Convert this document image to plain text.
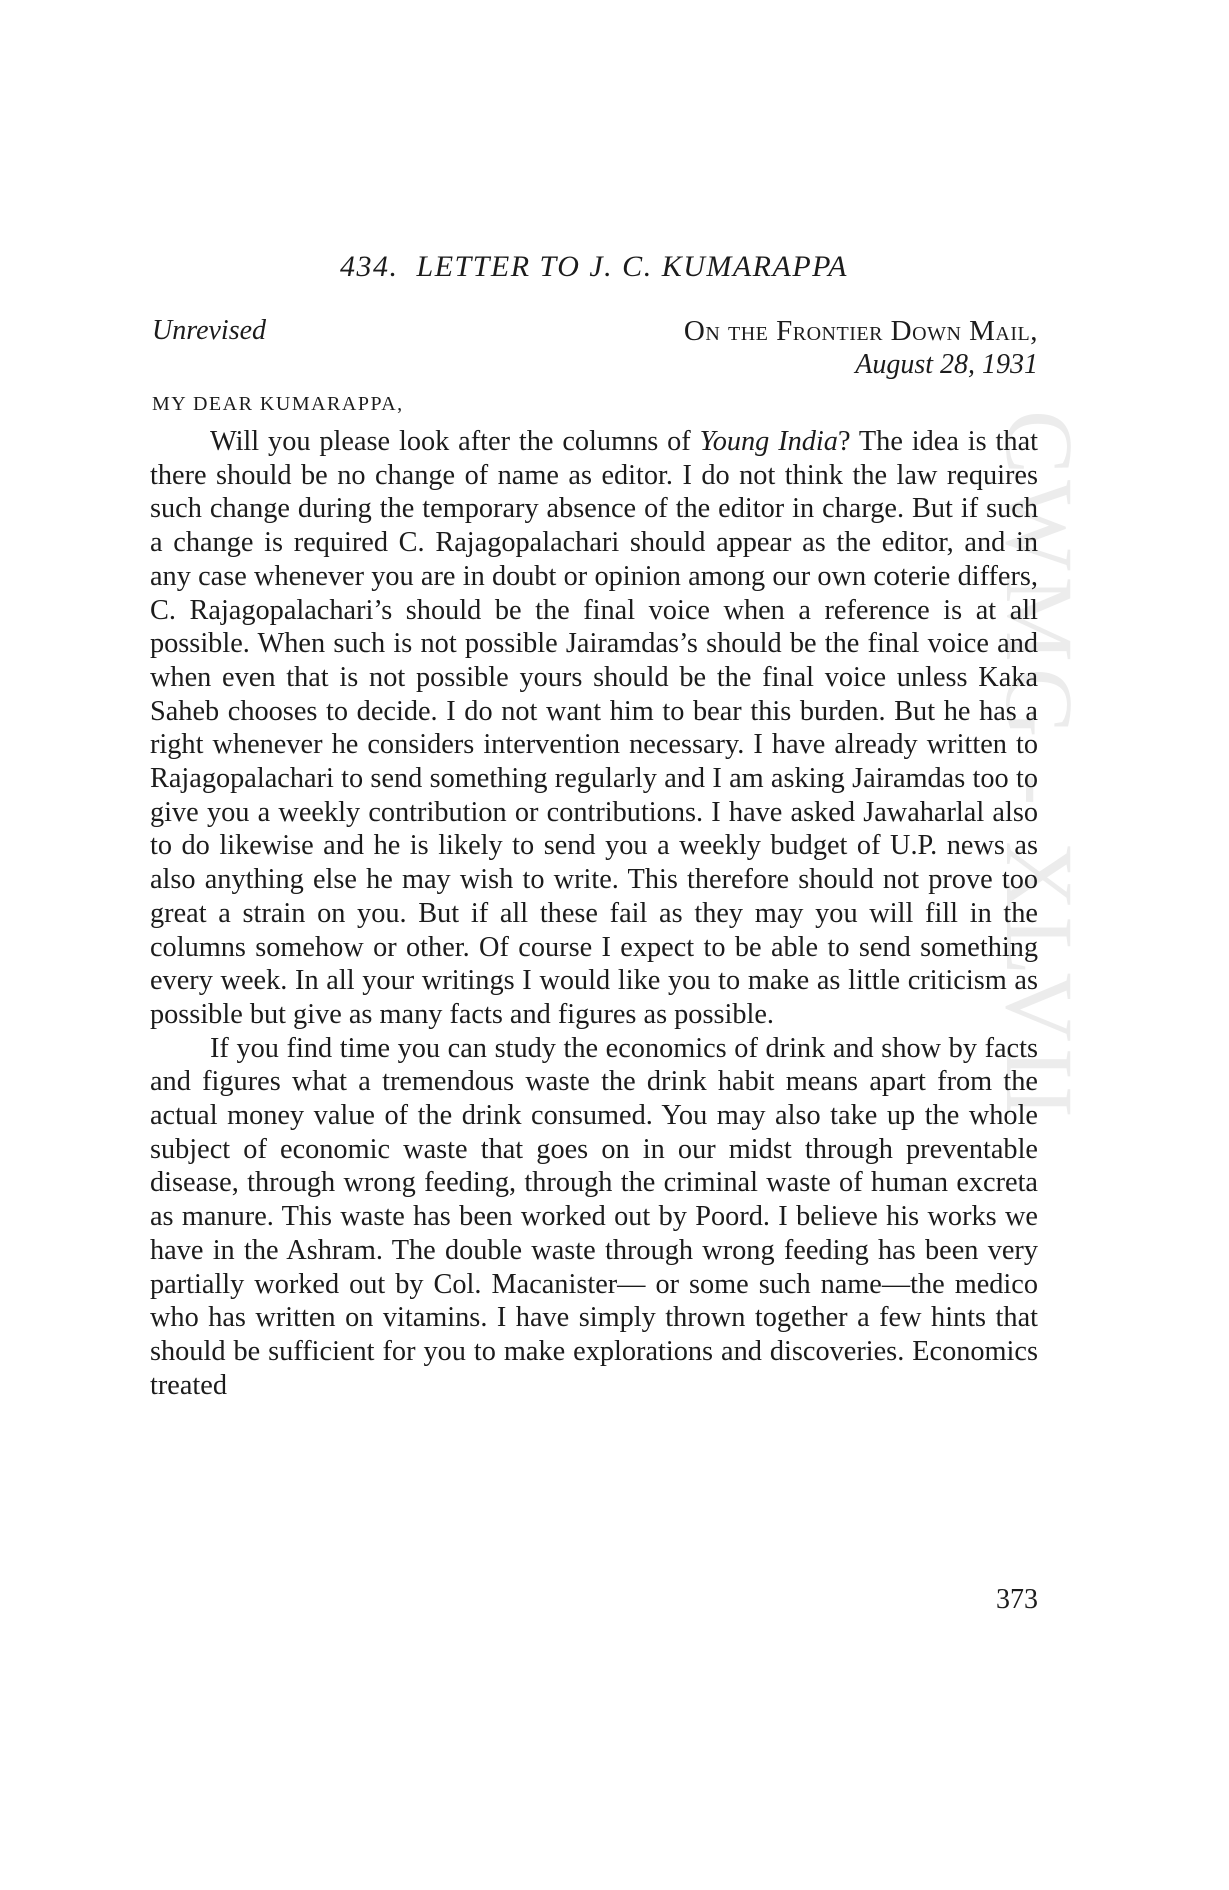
CWMG - XLVII
434. LETTER TO J. C. KUMARAPPA
Unrevised	On the Frontier Down Mail,
August 28, 1931
MY DEAR KUMARAPPA,

Will you please look after the columns of Young India? The idea is that there should be no change of name as editor. I do not think the law requires such change during the temporary absence of the editor in charge. But if such a change is required C. Rajagopalachari should appear as the editor, and in any case whenever you are in doubt or opinion among our own coterie differs, C. Rajagopalachari’s should be the final voice when a reference is at all possible. When such is not possible Jairamdas’s should be the final voice and when even that is not possible yours should be the final voice unless Kaka Saheb chooses to decide. I do not want him to bear this burden. But he has a right whenever he considers intervention necessary. I have already written to Rajagopalachari to send something regularly and I am asking Jairamdas too to give you a weekly contribution or contributions. I have asked Jawaharlal also to do likewise and he is likely to send you a weekly budget of U.P. news as also anything else he may wish to write. This therefore should not prove too great a strain on you. But if all these fail as they may you will fill in the columns somehow or other. Of course I expect to be able to send something every week. In all your writings I would like you to make as little criticism as possible but give as many facts and figures as possible.

If you find time you can study the economics of drink and show by facts and figures what a tremendous waste the drink habit means apart from the actual money value of the drink consumed. You may also take up the whole subject of economic waste that goes on in our midst through preventable disease, through wrong feeding, through the criminal waste of human excreta as manure. This waste has been worked out by Poord. I believe his works we have in the Ashram. The double waste through wrong feeding has been very partially worked out by Col. Macanister— or some such name—the medico who has written on vitamins. I have simply thrown together a few hints that should be sufficient for you to make explorations and discoveries. Economics treated

373
